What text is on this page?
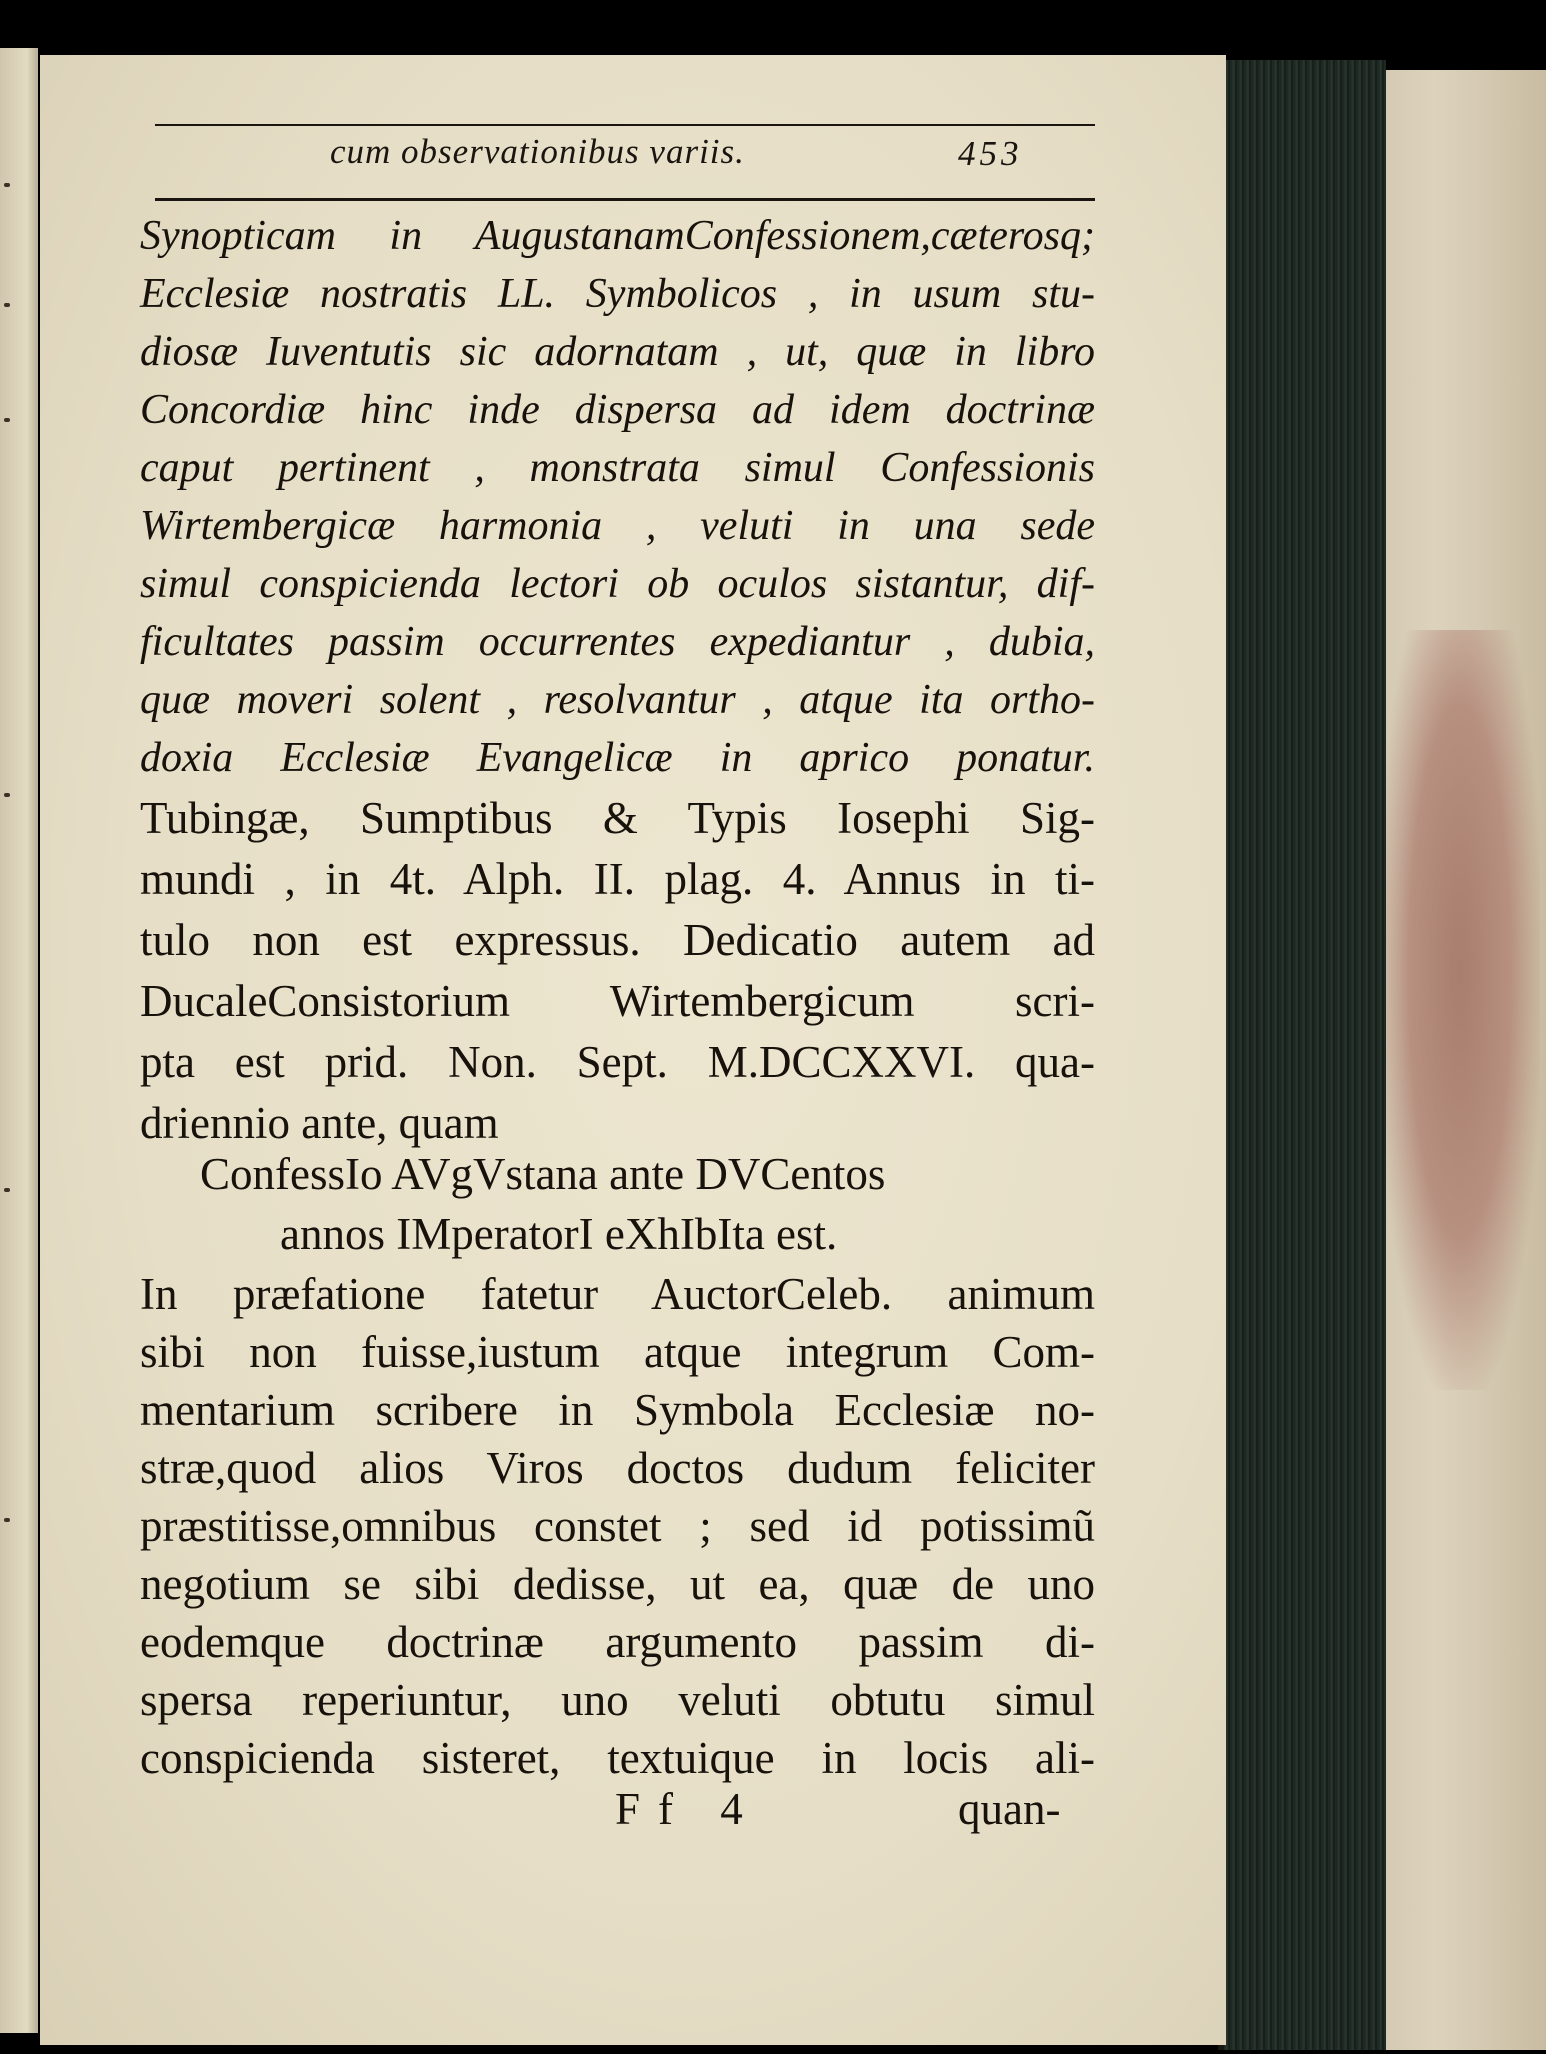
cum observationibus variis.	453
Synopticam in AugustanamConfessionem,cæterosq;
Ecclesiæ nostratis LL. Symbolicos , in usum stu-
diosæ Iuventutis sic adornatam , ut, quæ in libro
Concordiæ hinc inde dispersa ad idem doctrinæ
caput pertinent , monstrata simul Confessionis
Wirtembergicæ harmonia , veluti in una sede
simul conspicienda lectori ob oculos sistantur, dif-
ficultates passim occurrentes expediantur , dubia,
quæ moveri solent , resolvantur , atque ita ortho-
doxia Ecclesiæ Evangelicæ in aprico ponatur.
Tubingæ, Sumptibus & Typis Iosephi Sig-
mundi , in 4t. Alph. II. plag. 4. Annus in ti-
tulo non est expressus. Dedicatio autem ad
DucaleConsistorium Wirtembergicum scri-
pta est prid. Non. Sept. M.DCCXXVI. qua-
driennio ante, quam
ConfessIo AVgVstana ante DVCentos
annos IMperatorI eXhIbIta est.
In præfatione fatetur AuctorCeleb. animum
sibi non fuisse,iustum atque integrum Com-
mentarium scribere in Symbola Ecclesiæ no-
stræ,quod alios Viros doctos dudum feliciter
præstitisse,omnibus constet ; sed id potissimũ
negotium se sibi dedisse, ut ea, quæ de uno
eodemque doctrinæ argumento passim di-
spersa reperiuntur, uno veluti obtutu simul
conspicienda sisteret, textuique in locis ali-
Ff 4	quan-
